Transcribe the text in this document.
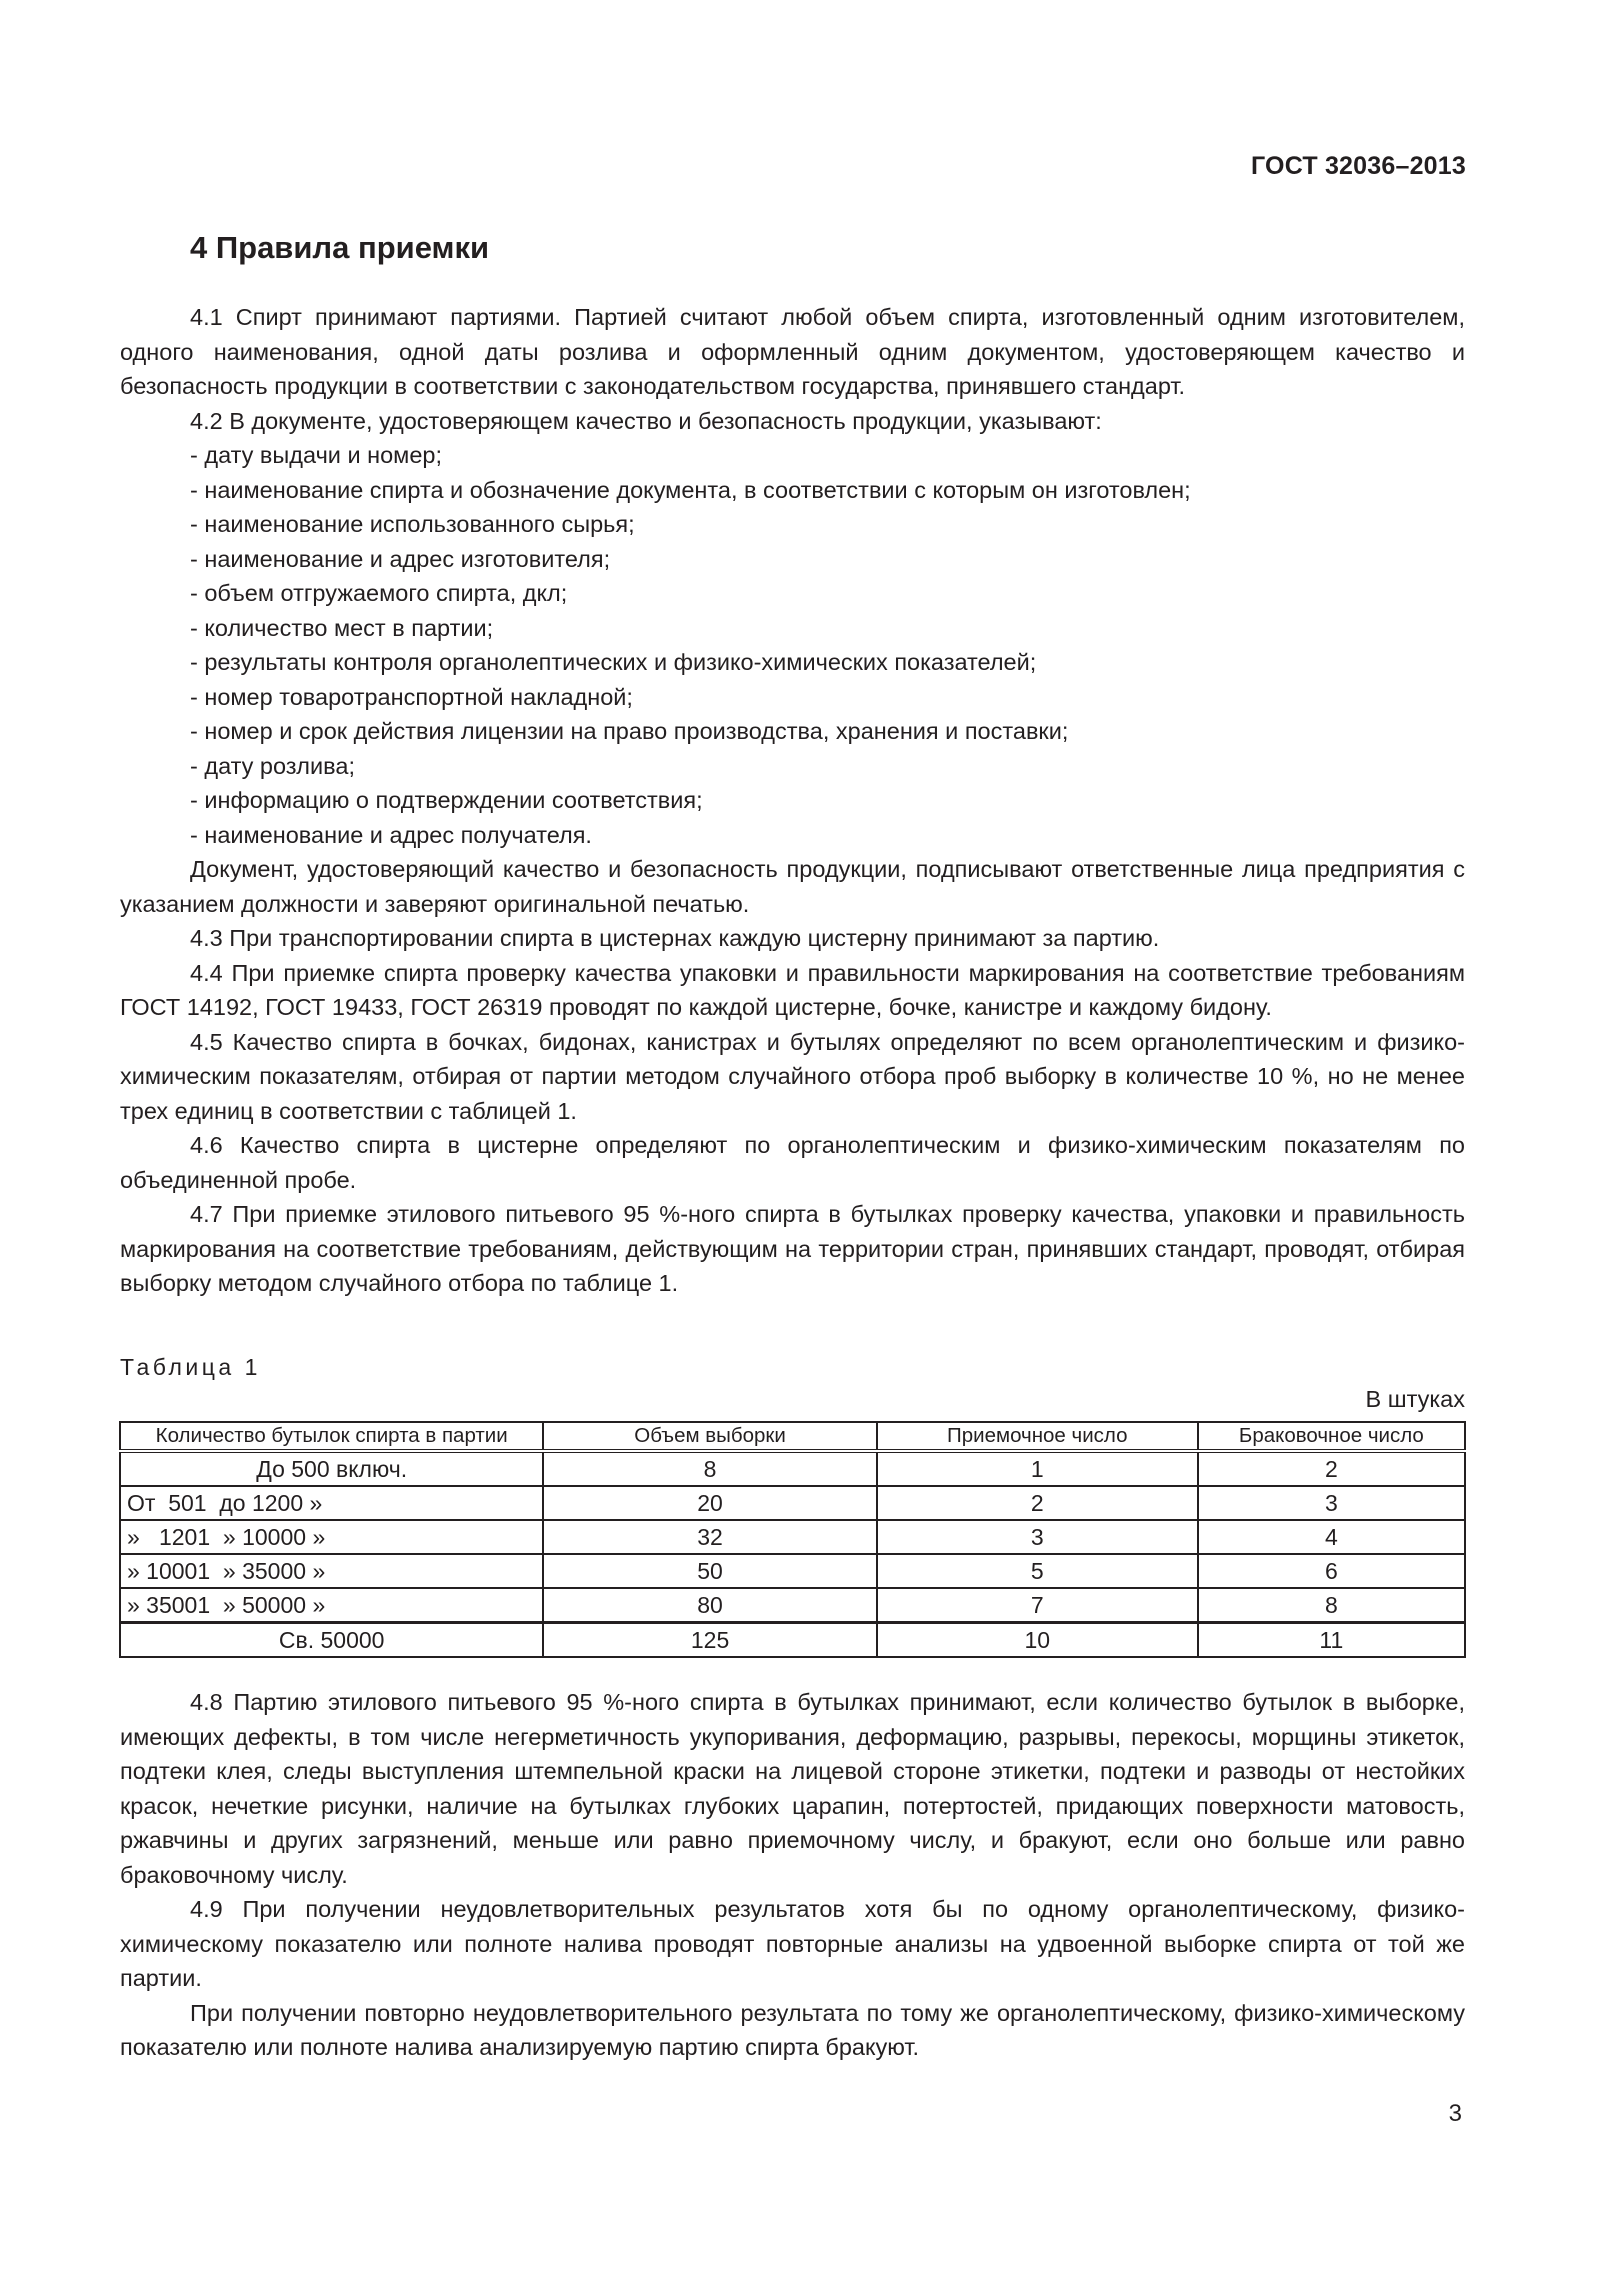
ГОСТ 32036–2013
4 Правила приемки

4.1 Спирт принимают партиями. Партией считают любой объем спирта, изготовленный одним изготовителем, одного наименования, одной даты розлива и оформленный одним документом, удостоверяющем качество и безопасность продукции в соответствии с законодательством государства, принявшего стандарт.

4.2 В документе, удостоверяющем качество и безопасность продукции, указывают:

- дату выдачи и номер;

- наименование спирта и обозначение документа, в соответствии с которым он изготовлен;

- наименование использованного сырья;

- наименование и адрес изготовителя;

- объем отгружаемого спирта, дкл;

- количество мест в партии;

- результаты контроля органолептических и физико-химических показателей;

- номер товаротранспортной накладной;

- номер и срок действия лицензии на право производства, хранения и поставки;

- дату розлива;

- информацию о подтверждении соответствия;

- наименование и адрес получателя.

Документ, удостоверяющий качество и безопасность продукции, подписывают ответственные лица предприятия с указанием должности и заверяют оригинальной печатью.

4.3 При транспортировании спирта в цистернах каждую цистерну принимают за партию.

4.4 При приемке спирта проверку качества упаковки и правильности маркирования на соответствие требованиям ГОСТ 14192, ГОСТ 19433, ГОСТ 26319 проводят по каждой цистерне, бочке, канистре и каждому бидону.

4.5 Качество спирта в бочках, бидонах, канистрах и бутылях определяют по всем органолептическим и физико-химическим показателям, отбирая от партии методом случайного отбора проб выборку в количестве 10 %, но не менее трех единиц в соответствии с таблицей 1.

4.6 Качество спирта в цистерне определяют по органолептическим и физико-химическим показателям по объединенной пробе.

4.7 При приемке этилового питьевого 95 %-ного спирта в бутылках проверку качества, упаковки и правильность маркирования на соответствие требованиям, действующим на территории стран, принявших стандарт, проводят, отбирая выборку методом случайного отбора по таблице 1.

Таблица 1
В штуках
Количество бутылок спирта в партии	Объем выборки	Приемочное число	Браковочное число
До 500 включ.	8	1	2
От  501  до 1200 »	20	2	3
»   1201  » 10000 »	32	3	4
» 10001  » 35000 »	50	5	6
» 35001  » 50000 »	80	7	8
Св. 50000	125	10	11

4.8 Партию этилового питьевого 95 %-ного спирта в бутылках принимают, если количество бутылок в выборке, имеющих дефекты, в том числе негерметичность укупоривания, деформацию, разрывы, перекосы, морщины этикеток, подтеки клея, следы выступления штемпельной краски на лицевой стороне этикетки, подтеки и разводы от нестойких красок, нечеткие рисунки, наличие на бутылках глубоких царапин, потертостей, придающих поверхности матовость, ржавчины и других загрязнений, меньше или равно приемочному числу, и бракуют, если оно больше или равно браковочному числу.

4.9 При получении неудовлетворительных результатов хотя бы по одному органолептическому, физико-химическому показателю или полноте налива проводят повторные анализы на удвоенной выборке спирта от той же партии.

При получении повторно неудовлетворительного результата по тому же органолептическому, физико-химическому показателю или полноте налива анализируемую партию спирта бракуют.

3
